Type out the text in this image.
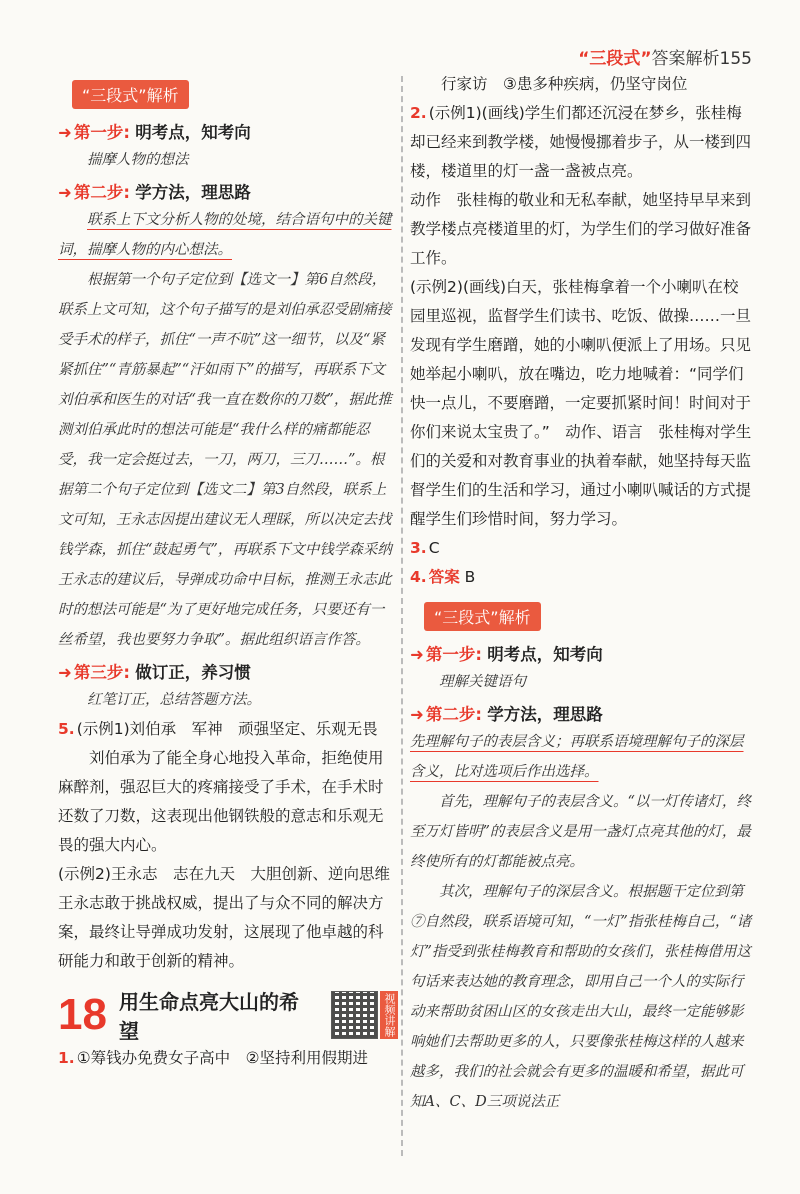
“三段式”答案解析155
“三段式”解析
➜ 第一步: 明考点，知考向

揣摩人物的想法

➜ 第二步: 学方法，理思路

联系上下文分析人物的处境，结合语句中的关键词，揣摩人物的内心想法。

根据第一个句子定位到【选文一】第6自然段，联系上文可知，这个句子描写的是刘伯承忍受剧痛接受手术的样子，抓住“一声不吭”这一细节，以及“紧紧抓住”“青筋暴起”“汗如雨下”的描写，再联系下文刘伯承和医生的对话“我一直在数你的刀数”，据此推测刘伯承此时的想法可能是“我什么样的痛都能忍受，我一定会挺过去，一刀，两刀，三刀……”。根据第二个句子定位到【选文二】第3自然段，联系上文可知，王永志因提出建议无人理睬，所以决定去找钱学森，抓住“鼓起勇气”，再联系下文中钱学森采纳王永志的建议后，导弹成功命中目标，推测王永志此时的想法可能是“为了更好地完成任务，只要还有一丝希望，我也要努力争取”。据此组织语言作答。

➜ 第三步: 做订正，养习惯

红笔订正，总结答题方法。

5. (示例1)刘伯承　军神　顽强坚定、乐观无畏

刘伯承为了能全身心地投入革命，拒绝使用麻醉剂，强忍巨大的疼痛接受了手术，在手术时还数了刀数，这表现出他钢铁般的意志和乐观无畏的强大内心。

(示例2)王永志　志在九天　大胆创新、逆向思维　王永志敢于挑战权威，提出了与众不同的解决方案，最终让导弹成功发射，这展现了他卓越的科研能力和敢于创新的精神。

18 用生命点亮大山的希望	视频讲解

1. ①筹钱办免费女子高中　②坚持利用假期进

行家访　③患多种疾病，仍坚守岗位

2. (示例1)(画线)学生们都还沉浸在梦乡，张桂梅却已经来到教学楼，她慢慢挪着步子，从一楼到四楼，楼道里的灯一盏一盏被点亮。

动作　张桂梅的敬业和无私奉献，她坚持早早来到教学楼点亮楼道里的灯，为学生们的学习做好准备工作。

(示例2)(画线)白天，张桂梅拿着一个小喇叭在校园里巡视，监督学生们读书、吃饭、做操……一旦发现有学生磨蹭，她的小喇叭便派上了用场。只见她举起小喇叭，放在嘴边，吃力地喊着：“同学们快一点儿，不要磨蹭，一定要抓紧时间！时间对于你们来说太宝贵了。”　动作、语言　张桂梅对学生们的关爱和对教育事业的执着奉献，她坚持每天监督学生们的生活和学习，通过小喇叭喊话的方式提醒学生们珍惜时间，努力学习。

3. C

4. 答案 B

“三段式”解析
➜ 第一步: 明考点，知考向

理解关键语句

➜ 第二步: 学方法，理思路

先理解句子的表层含义；再联系语境理解句子的深层含义，比对选项后作出选择。

首先，理解句子的表层含义。“以一灯传诸灯，终至万灯皆明”的表层含义是用一盏灯点亮其他的灯，最终使所有的灯都能被点亮。

其次，理解句子的深层含义。根据题干定位到第⑦自然段，联系语境可知，“一灯”指张桂梅自己，“诸灯”指受到张桂梅教育和帮助的女孩们，张桂梅借用这句话来表达她的教育理念，即用自己一个人的实际行动来帮助贫困山区的女孩走出大山，最终一定能够影响她们去帮助更多的人，只要像张桂梅这样的人越来越多，我们的社会就会有更多的温暖和希望，据此可知A、C、D三项说法正
